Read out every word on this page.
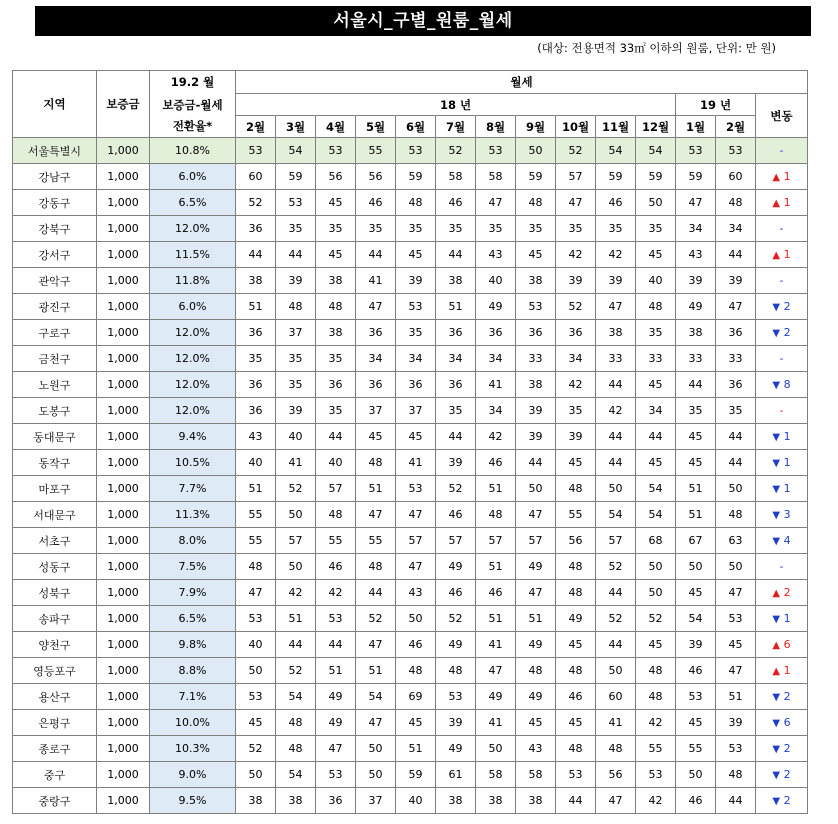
서울시_구별_원룸_월세
(대상: 전용면적 33㎡ 이하의 원룸, 단위: 만 원)
지역	보증금	19.2 월	월세													
		보증금-월세	18 년											19 년		변동
		전환율*	2월	3월	4월	5월	6월	7월	8월	9월	10월	11월	12월	1월	2월	
서울특별시	1,000	10.8%	53	54	53	55	53	52	53	50	52	54	54	53	53	-
강남구	1,000	6.0%	60	59	56	56	59	58	58	59	57	59	59	59	60	▲ 1
강동구	1,000	6.5%	52	53	45	46	48	46	47	48	47	46	50	47	48	▲ 1
강북구	1,000	12.0%	36	35	35	35	35	35	35	35	35	35	35	34	34	-
강서구	1,000	11.5%	44	44	45	44	45	44	43	45	42	42	45	43	44	▲ 1
관악구	1,000	11.8%	38	39	38	41	39	38	40	38	39	39	40	39	39	-
광진구	1,000	6.0%	51	48	48	47	53	51	49	53	52	47	48	49	47	▼ 2
구로구	1,000	12.0%	36	37	38	36	35	36	36	36	36	38	35	38	36	▼ 2
금천구	1,000	12.0%	35	35	35	34	34	34	34	33	34	33	33	33	33	-
노원구	1,000	12.0%	36	35	36	36	36	36	41	38	42	44	45	44	36	▼ 8
도봉구	1,000	12.0%	36	39	35	37	37	35	34	39	35	42	34	35	35	-
동대문구	1,000	9.4%	43	40	44	45	45	44	42	39	39	44	44	45	44	▼ 1
동작구	1,000	10.5%	40	41	40	48	41	39	46	44	45	44	45	45	44	▼ 1
마포구	1,000	7.7%	51	52	57	51	53	52	51	50	48	50	54	51	50	▼ 1
서대문구	1,000	11.3%	55	50	48	47	47	46	48	47	55	54	54	51	48	▼ 3
서초구	1,000	8.0%	55	57	55	55	57	57	57	57	56	57	68	67	63	▼ 4
성동구	1,000	7.5%	48	50	46	48	47	49	51	49	48	52	50	50	50	-
성북구	1,000	7.9%	47	42	42	44	43	46	46	47	48	44	50	45	47	▲ 2
송파구	1,000	6.5%	53	51	53	52	50	52	51	51	49	52	52	54	53	▼ 1
양천구	1,000	9.8%	40	44	44	47	46	49	41	49	45	44	45	39	45	▲ 6
영등포구	1,000	8.8%	50	52	51	51	48	48	47	48	48	50	48	46	47	▲ 1
용산구	1,000	7.1%	53	54	49	54	69	53	49	49	46	60	48	53	51	▼ 2
은평구	1,000	10.0%	45	48	49	47	45	39	41	45	45	41	42	45	39	▼ 6
종로구	1,000	10.3%	52	48	47	50	51	49	50	43	48	48	55	55	53	▼ 2
중구	1,000	9.0%	50	54	53	50	59	61	58	58	53	56	53	50	48	▼ 2
중랑구	1,000	9.5%	38	38	36	37	40	38	38	38	44	47	42	46	44	▼ 2
